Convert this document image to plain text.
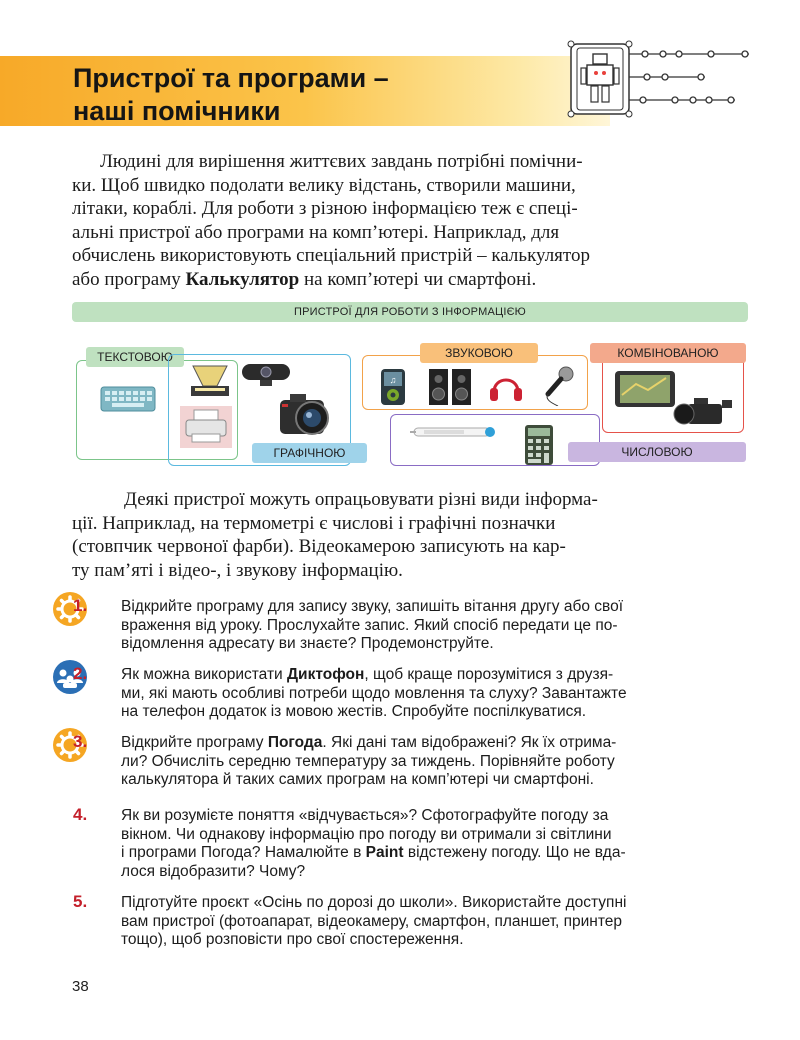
Пристрої та програми –
наші помічники
Людині для вирішення життєвих завдань потрібні помічни-
ки. Щоб швидко подолати велику відстань, створили машини,
літаки, кораблі. Для роботи з різною інформацією теж є спеці-
альні пристрої або програми на комп’ютері. Наприклад, для
обчислень використовують спеціальний пристрій – калькулятор
або програму Калькулятор на комп’ютері чи смартфоні.
ПРИСТРОЇ ДЛЯ РОБОТИ З ІНФОРМАЦІЄЮ
ТЕКСТОВОЮ
ГРАФІЧНОЮ
ЗВУКОВОЮ	КОМБІНОВАНОЮ
ЧИСЛОВОЮ
♫
Деякі пристрої можуть опрацьовувати різні види інформа-
ції. Наприклад, на термометрі є числові і графічні позначки
(стовпчик червоної фарби). Відеокамерою записують на кар-
ту пам’яті і відео-, і звукову інформацію.
1. Відкрийте програму для запису звуку, запишіть вітання другу або свої
враження від уроку. Прослухайте запис. Який спосіб передати це по-
відомлення адресату ви знаєте? Продемонструйте.
2. Як можна використати Диктофон, щоб краще порозумітися з друзя-
ми, які мають особливі потреби щодо мовлення та слуху? Завантажте
на телефон додаток із мовою жестів. Спробуйте поспілкуватися.
3. Відкрийте програму Погода. Які дані там відображені? Як їх отрима-
ли? Обчисліть середню температуру за тиждень. Порівняйте роботу
калькулятора й таких самих програм на комп’ютері чи смартфоні.
4. Як ви розумієте поняття «відчувається»? Сфотографуйте погоду за
вікном. Чи однакову інформацію про погоду ви отримали зі світлини
і програми Погода? Намалюйте в Paint відстежену погоду. Що не вда-
лося відобразити? Чому?
5. Підготуйте проєкт «Осінь по дорозі до школи». Використайте доступні
вам пристрої (фотоапарат, відеокамеру, смартфон, планшет, принтер
тощо), щоб розповісти про свої спостереження.
38
